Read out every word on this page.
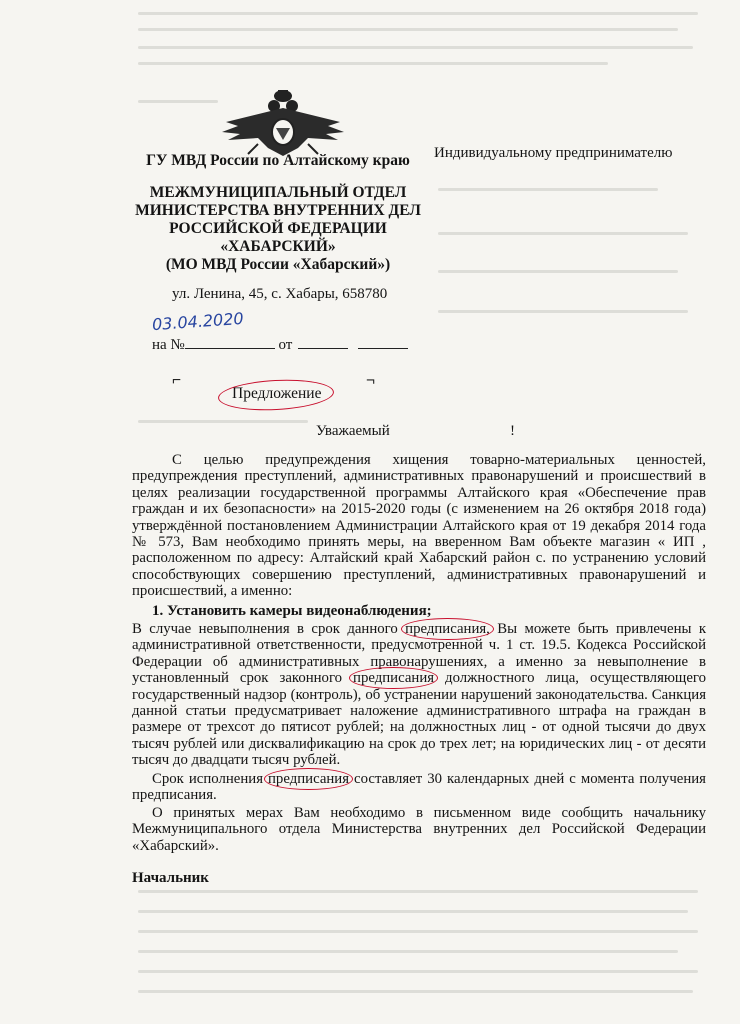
ГУ МВД России по Алтайскому краю
МЕЖМУНИЦИПАЛЬНЫЙ ОТДЕЛ
МИНИСТЕРСТВА ВНУТРЕННИХ ДЕЛ
РОССИЙСКОЙ ФЕДЕРАЦИИ
«ХАБАРСКИЙ»
(МО МВД России «Хабарский»)
ул. Ленина, 45, с. Хабары, 658780
03.04.2020
на №	от
Индивидуальному предпринимателю
⌐	¬
Предложение
Уважаемый	!
С целью предупреждения хищения товарно-материальных ценностей, предупреждения преступлений, административных правонарушений и происшествий в целях реализации государственной программы Алтайского края «Обеспечение прав граждан и их безопасности» на 2015-2020 годы (с изменением на 26 октября 2018 года) утверждённой постановлением Администрации Алтайского края от 19 декабря 2014 года № 573, Вам необходимо принять меры, на вверенном Вам объекте магазин « ИП , расположенном по адресу: Алтайский край Хабарский район с. по устранению условий способствующих совершению преступлений, административных правонарушений и происшествий, а именно:
1. Установить камеры видеонаблюдения;
В случае невыполнения в срок данного предписания,
Вы можете быть привлечены к административной ответственности, предусмотренной ч. 1 ст. 19.5. Кодекса Российской Федерации об административных правонарушениях, а именно за невыполнение в установленный срок законного предписания
должностного лица, осуществляющего государственный надзор (контроль), об устранении нарушений законодательства. Санкция данной статьи предусматривает наложение административного штрафа на граждан в размере от трехсот до пятисот рублей; на должностных лиц - от одной тысячи до двух тысяч рублей или дисквалификацию на срок до трех лет; на юридических лиц - от десяти тысяч до двадцати тысяч рублей.
Срок исполнения предписания
составляет 30 календарных дней с момента получения предписания.
О принятых мерах Вам необходимо в письменном виде сообщить начальнику Межмуниципального отдела Министерства внутренних дел Российской Федерации «Хабарский».
Начальник
